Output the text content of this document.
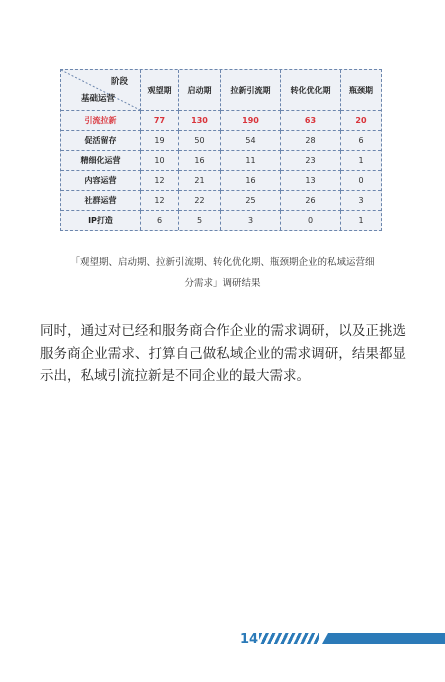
阶段
基础运营	观望期	启动期	拉新引流期	转化优化期	瓶颈期
引流拉新	77	130	190	63	20
促活留存	19	50	54	28	6
精细化运营	10	16	11	23	1
内容运营	12	21	16	13	0
社群运营	12	22	25	26	3
IP打造	6	5	3	0	1
「观望期、启动期、拉新引流期、转化优化期、瓶颈期企业的私域运营细
分需求」调研结果
同时，通过对已经和服务商合作企业的需求调研，以及正挑选服务商企业需求、打算自己做私域企业的需求调研，结果都显示出，私域引流拉新是不同企业的最大需求。
14
